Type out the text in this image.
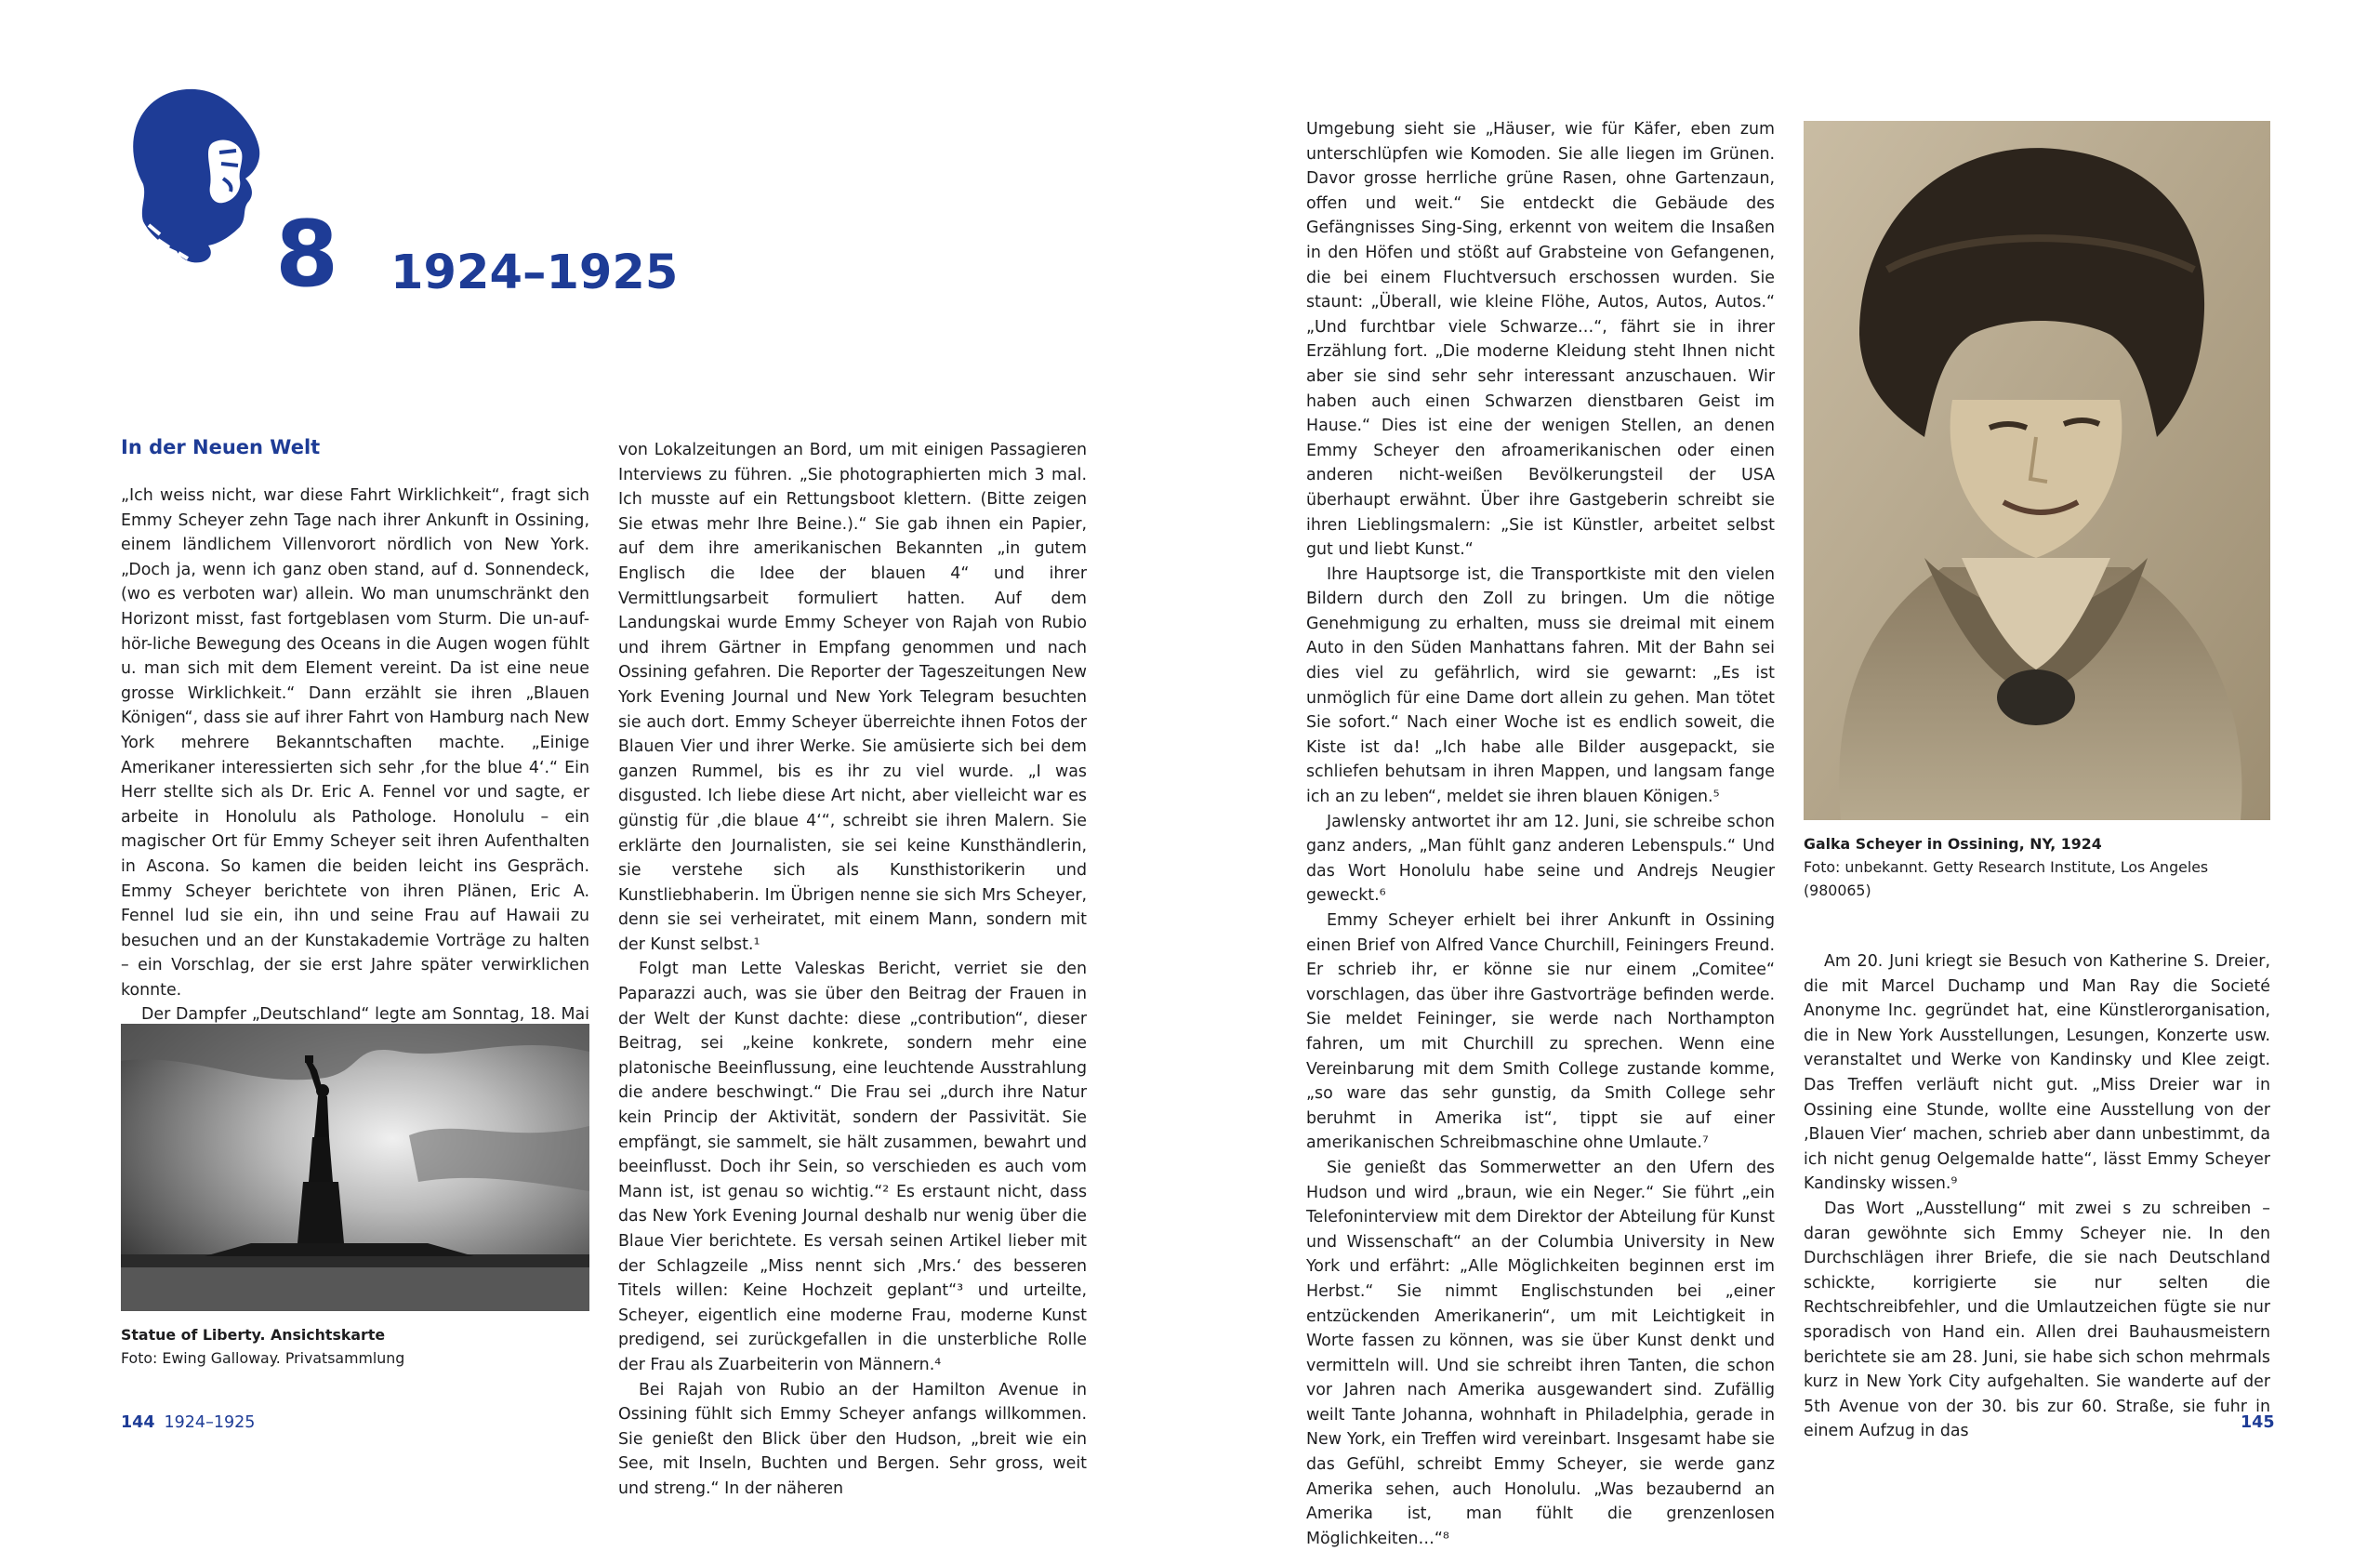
8 1924–1925
In der Neuen Welt

„Ich weiss nicht, war diese Fahrt Wirklichkeit“, fragt sich Emmy Scheyer zehn Tage nach ihrer Ankunft in Ossining, einem ländlichem Villenvorort nördlich von New York. „Doch ja, wenn ich ganz oben stand, auf d. Sonnendeck, (wo es verboten war) allein. Wo man unumschränkt den Horizont misst, fast fortgeblasen vom Sturm. Die un-auf-hör-liche Bewegung des Oceans in die Augen wogen fühlt u. man sich mit dem Element vereint. Da ist eine neue grosse Wirklichkeit.“ Dann erzählt sie ihren „Blauen Königen“, dass sie auf ihrer Fahrt von Hamburg nach New York mehrere Bekanntschaften machte. „Einige Amerikaner interessierten sich sehr ‚for the blue 4‘.“ Ein Herr stellte sich als Dr. Eric A. Fennel vor und sagte, er arbeite in Honolulu als Pathologe. Honolulu – ein magischer Ort für Emmy Scheyer seit ihren Aufenthalten in Ascona. So kamen die beiden leicht ins Gespräch. Emmy Scheyer berichtete von ihren Plänen, Eric A. Fennel lud sie ein, ihn und seine Frau auf Hawaii zu besuchen und an der Kunstakademie Vorträge zu halten – ein Vorschlag, der sie erst Jahre später verwirklichen konnte.

Der Dampfer „Deutschland“ legte am Sonntag, 18. Mai

Statue of Liberty. Ansichtskarte
Foto: Ewing Galloway. Privatsammlung

von Lokalzeitungen an Bord, um mit einigen Passagieren Interviews zu führen. „Sie photographierten mich 3 mal. Ich musste auf ein Rettungsboot klettern. (Bitte zeigen Sie etwas mehr Ihre Beine.).“ Sie gab ihnen ein Papier, auf dem ihre amerikanischen Bekannten „in gutem Englisch die Idee der blauen 4“ und ihrer Vermittlungsarbeit formuliert hatten. Auf dem Landungskai wurde Emmy Scheyer von Rajah von Rubio und ihrem Gärtner in Empfang genommen und nach Ossining gefahren. Die Reporter der Tageszeitungen New York Evening Journal und New York Telegram besuchten sie auch dort. Emmy Scheyer überreichte ihnen Fotos der Blauen Vier und ihrer Werke. Sie amüsierte sich bei dem ganzen Rummel, bis es ihr zu viel wurde. „I was disgusted. Ich liebe diese Art nicht, aber vielleicht war es günstig für ‚die blaue 4‘“, schreibt sie ihren Malern. Sie erklärte den Journalisten, sie sei keine Kunsthändlerin, sie verstehe sich als Kunsthistorikerin und Kunstliebhaberin. Im Übrigen nenne sie sich Mrs Scheyer, denn sie sei verheiratet, mit einem Mann, sondern mit der Kunst selbst.¹

Folgt man Lette Valeskas Bericht, verriet sie den Paparazzi auch, was sie über den Beitrag der Frauen in der Welt der Kunst dachte: diese „contribution“, dieser Beitrag, sei „keine konkrete, sondern mehr eine platonische Beeinflussung, eine leuchtende Ausstrahlung die andere beschwingt.“ Die Frau sei „durch ihre Natur kein Princip der Aktivität, sondern der Passivität. Sie empfängt, sie sammelt, sie hält zusammen, bewahrt und beeinflusst. Doch ihr Sein, so verschieden es auch vom Mann ist, ist genau so wichtig.“² Es erstaunt nicht, dass das New York Evening Journal deshalb nur wenig über die Blaue Vier berichtete. Es versah seinen Artikel lieber mit der Schlagzeile „Miss nennt sich ‚Mrs.‘ des besseren Titels willen: Keine Hochzeit geplant“³ und urteilte, Scheyer, eigentlich eine moderne Frau, moderne Kunst predigend, sei zurückgefallen in die unsterbliche Rolle der Frau als Zuarbeiterin von Männern.⁴

Bei Rajah von Rubio an der Hamilton Avenue in Ossining fühlt sich Emmy Scheyer anfangs willkommen. Sie genießt den Blick über den Hudson, „breit wie ein See, mit Inseln, Buchten und Bergen. Sehr gross, weit und streng.“ In der näheren

144 1924–1925

Umgebung sieht sie „Häuser, wie für Käfer, eben zum unterschlüpfen wie Komoden. Sie alle liegen im Grünen. Davor grosse herrliche grüne Rasen, ohne Gartenzaun, offen und weit.“ Sie entdeckt die Gebäude des Gefängnisses Sing-Sing, erkennt von weitem die Insaßen in den Höfen und stößt auf Grabsteine von Gefangenen, die bei einem Fluchtversuch erschossen wurden. Sie staunt: „Überall, wie kleine Flöhe, Autos, Autos, Autos.“ „Und furchtbar viele Schwarze…“, fährt sie in ihrer Erzählung fort. „Die moderne Kleidung steht Ihnen nicht aber sie sind sehr sehr interessant anzuschauen. Wir haben auch einen Schwarzen dienstbaren Geist im Hause.“ Dies ist eine der wenigen Stellen, an denen Emmy Scheyer den afroamerikanischen oder einen anderen nicht-weißen Bevölkerungsteil der USA überhaupt erwähnt. Über ihre Gastgeberin schreibt sie ihren Lieblingsmalern: „Sie ist Künstler, arbeitet selbst gut und liebt Kunst.“

Ihre Hauptsorge ist, die Transportkiste mit den vielen Bildern durch den Zoll zu bringen. Um die nötige Genehmigung zu erhalten, muss sie dreimal mit einem Auto in den Süden Manhattans fahren. Mit der Bahn sei dies viel zu gefährlich, wird sie gewarnt: „Es ist unmöglich für eine Dame dort allein zu gehen. Man tötet Sie sofort.“ Nach einer Woche ist es endlich soweit, die Kiste ist da! „Ich habe alle Bilder ausgepackt, sie schliefen behutsam in ihren Mappen, und langsam fange ich an zu leben“, meldet sie ihren blauen Königen.⁵

Jawlensky antwortet ihr am 12. Juni, sie schreibe schon ganz anders, „Man fühlt ganz anderen Lebenspuls.“ Und das Wort Honolulu habe seine und Andrejs Neugier geweckt.⁶

Emmy Scheyer erhielt bei ihrer Ankunft in Ossining einen Brief von Alfred Vance Churchill, Feiningers Freund. Er schrieb ihr, er könne sie nur einem „Comitee“ vorschlagen, das über ihre Gastvorträge befinden werde. Sie meldet Feininger, sie werde nach Northampton fahren, um mit Churchill zu sprechen. Wenn eine Vereinbarung mit dem Smith College zustande komme, „so ware das sehr gunstig, da Smith College sehr beruhmt in Amerika ist“, tippt sie auf einer amerikanischen Schreibmaschine ohne Umlaute.⁷

Sie genießt das Sommerwetter an den Ufern des Hudson und wird „braun, wie ein Neger.“ Sie führt „ein Telefoninterview mit dem Direktor der Abteilung für Kunst und Wissenschaft“ an der Columbia University in New York und erfährt: „Alle Möglichkeiten beginnen erst im Herbst.“ Sie nimmt Englischstunden bei „einer entzückenden Amerikanerin“, um mit Leichtigkeit in Worte fassen zu können, was sie über Kunst denkt und vermitteln will. Und sie schreibt ihren Tanten, die schon vor Jahren nach Amerika ausgewandert sind. Zufällig weilt Tante Johanna, wohnhaft in Philadelphia, gerade in New York, ein Treffen wird vereinbart. Insgesamt habe sie das Gefühl, schreibt Emmy Scheyer, sie werde ganz Amerika sehen, auch Honolulu. „Was bezaubernd an Amerika ist, man fühlt die grenzenlosen Möglichkeiten…“⁸

Galka Scheyer in Ossining, NY, 1924
Foto: unbekannt. Getty Research Institute, Los Angeles (980065)

Am 20. Juni kriegt sie Besuch von Katherine S. Dreier, die mit Marcel Duchamp und Man Ray die Societé Anonyme Inc. gegründet hat, eine Künstlerorganisation, die in New York Ausstellungen, Lesungen, Konzerte usw. veranstaltet und Werke von Kandinsky und Klee zeigt. Das Treffen verläuft nicht gut. „Miss Dreier war in Ossining eine Stunde, wollte eine Ausstellung von der ‚Blauen Vier‘ machen, schrieb aber dann unbestimmt, da ich nicht genug Oelgemalde hatte“, lässt Emmy Scheyer Kandinsky wissen.⁹

Das Wort „Ausstellung“ mit zwei s zu schreiben – daran gewöhnte sich Emmy Scheyer nie. In den Durchschlägen ihrer Briefe, die sie nach Deutschland schickte, korrigierte sie nur selten die Rechtschreibfehler, und die Umlautzeichen fügte sie nur sporadisch von Hand ein. Allen drei Bauhausmeistern berichtete sie am 28. Juni, sie habe sich schon mehrmals kurz in New York City aufgehalten. Sie wanderte auf der 5th Avenue von der 30. bis zur 60. Straße, sie fuhr in einem Aufzug in das	145
